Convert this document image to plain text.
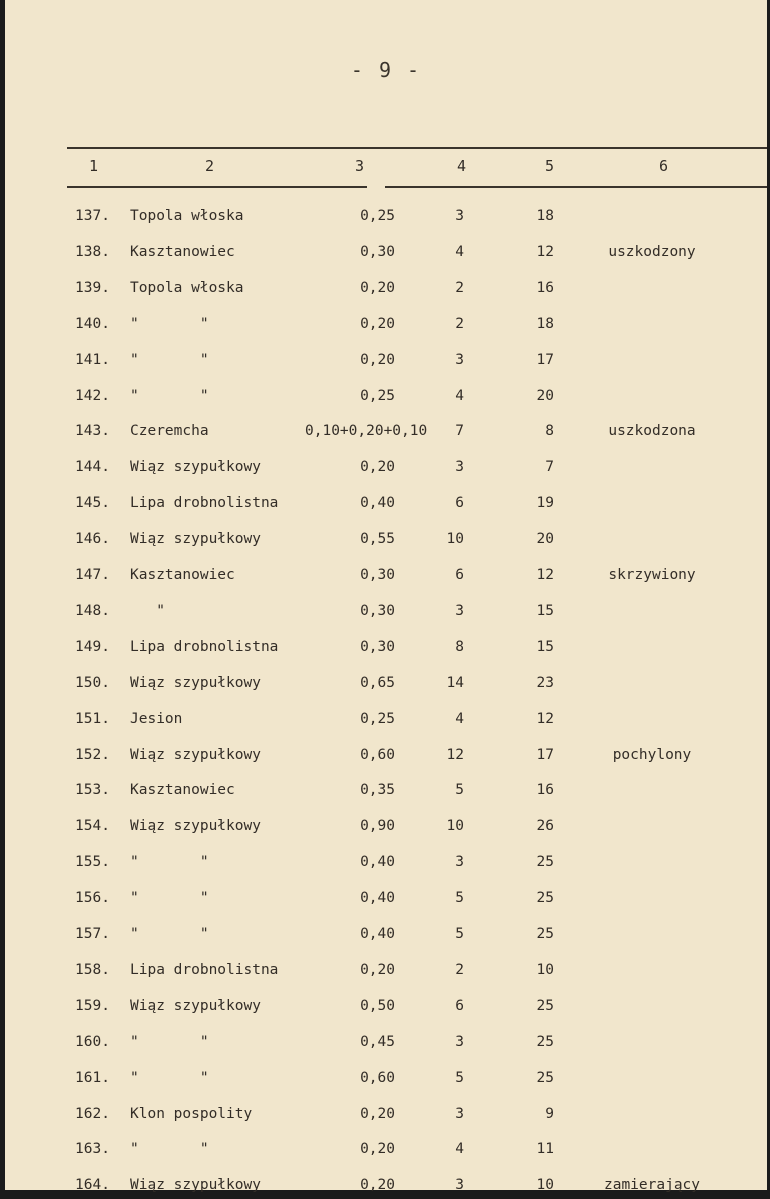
- 9 -
1	2	3	4	5	6
137.	Topola włoska	0,25	3	18
138.	Kasztanowiec	0,30	4	12	uszkodzony
139.	Topola włoska	0,20	2	16
140.	"       "	0,20	2	18
141.	"       "	0,20	3	17
142.	"       "	0,25	4	20
143.	Czeremcha	0,10+0,20+0,10	7	8	uszkodzona
144.	Wiąz szypułkowy	0,20	3	7
145.	Lipa drobnolistna	0,40	6	19
146.	Wiąz szypułkowy	0,55	10	20
147.	Kasztanowiec	0,30	6	12	skrzywiony
148.	"	0,30	3	15
149.	Lipa drobnolistna	0,30	8	15
150.	Wiąz szypułkowy	0,65	14	23
151.	Jesion	0,25	4	12
152.	Wiąz szypułkowy	0,60	12	17	pochylony
153.	Kasztanowiec	0,35	5	16
154.	Wiąz szypułkowy	0,90	10	26
155.	"       "	0,40	3	25
156.	"       "	0,40	5	25
157.	"       "	0,40	5	25
158.	Lipa drobnolistna	0,20	2	10
159.	Wiąz szypułkowy	0,50	6	25
160.	"       "	0,45	3	25
161.	"       "	0,60	5	25
162.	Klon pospolity	0,20	3	9
163.	"       "	0,20	4	11
164.	Wiąz szypułkowy	0,20	3	10	zamierający
